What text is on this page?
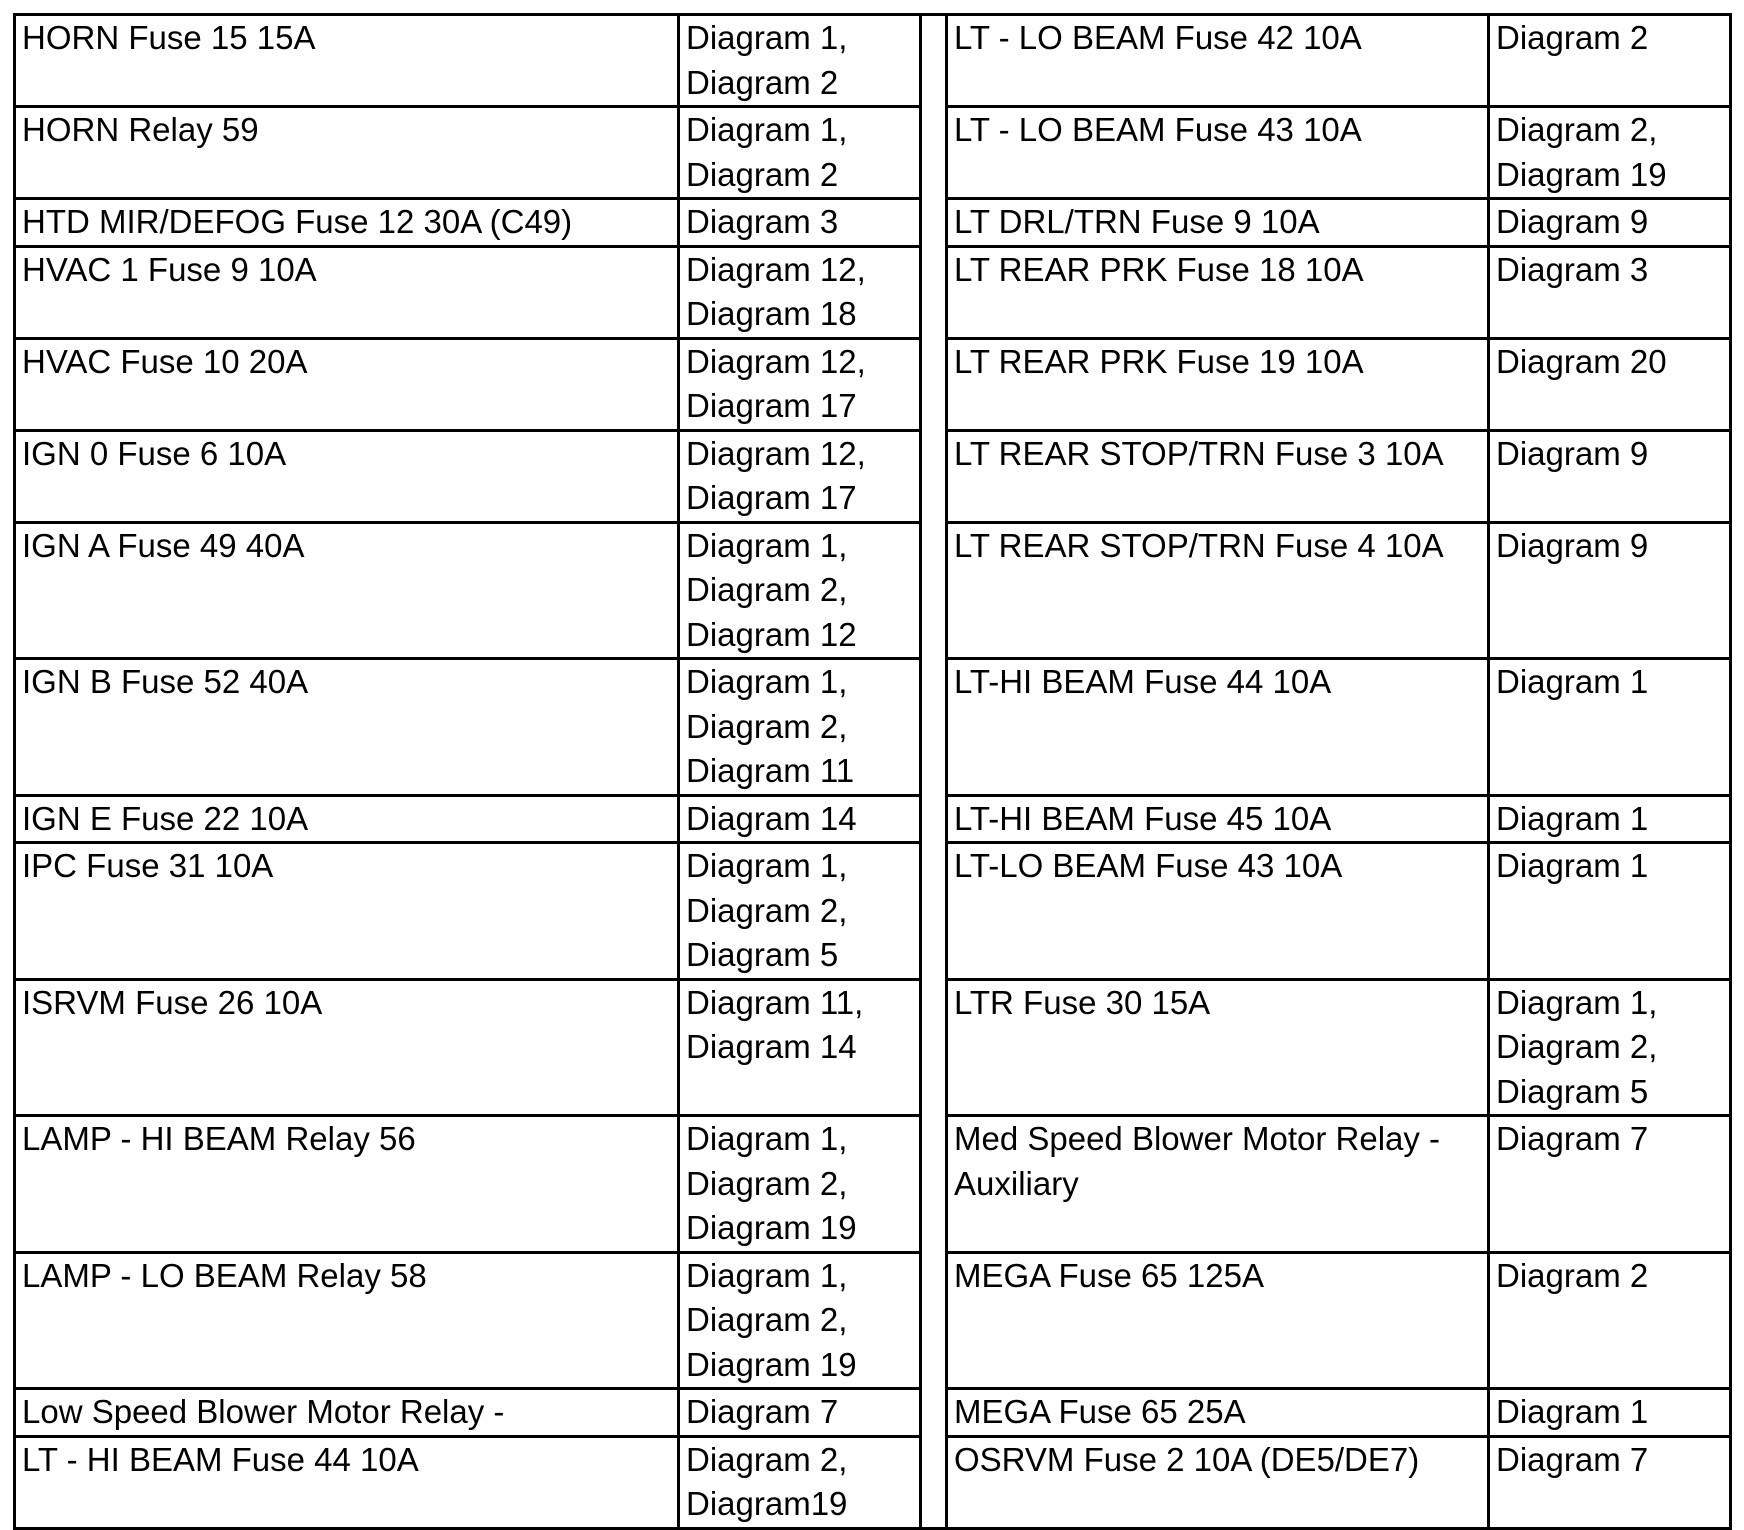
HORN Fuse 15 15A	Diagram 1, Diagram 2		LT - LO BEAM Fuse 42 10A	Diagram 2
HORN Relay 59	Diagram 1, Diagram 2		LT - LO BEAM Fuse 43 10A	Diagram 2, Diagram 19
HTD MIR/DEFOG Fuse 12 30A (C49)	Diagram 3		LT DRL/TRN Fuse 9 10A	Diagram 9
HVAC 1 Fuse 9 10A	Diagram 12, Diagram 18		LT REAR PRK Fuse 18 10A	Diagram 3
HVAC Fuse 10 20A	Diagram 12, Diagram 17		LT REAR PRK Fuse 19 10A	Diagram 20
IGN 0 Fuse 6 10A	Diagram 12, Diagram 17		LT REAR STOP/TRN Fuse 3 10A	Diagram 9
IGN A Fuse 49 40A	Diagram 1, Diagram 2, Diagram 12		LT REAR STOP/TRN Fuse 4 10A	Diagram 9
IGN B Fuse 52 40A	Diagram 1, Diagram 2, Diagram 11		LT-HI BEAM Fuse 44 10A	Diagram 1
IGN E Fuse 22 10A	Diagram 14		LT-HI BEAM Fuse 45 10A	Diagram 1
IPC Fuse 31 10A	Diagram 1, Diagram 2, Diagram 5		LT-LO BEAM Fuse 43 10A	Diagram 1
ISRVM Fuse 26 10A	Diagram 11, Diagram 14		LTR Fuse 30 15A	Diagram 1, Diagram 2, Diagram 5
LAMP - HI BEAM Relay 56	Diagram 1, Diagram 2, Diagram 19		Med Speed Blower Motor Relay - Auxiliary	Diagram 7
LAMP - LO BEAM Relay 58	Diagram 1, Diagram 2, Diagram 19		MEGA Fuse 65 125A	Diagram 2
Low Speed Blower Motor Relay -	Diagram 7		MEGA Fuse 65 25A	Diagram 1
LT - HI BEAM Fuse 44 10A	Diagram 2, Diagram19		OSRVM Fuse 2 10A (DE5/DE7)	Diagram 7
